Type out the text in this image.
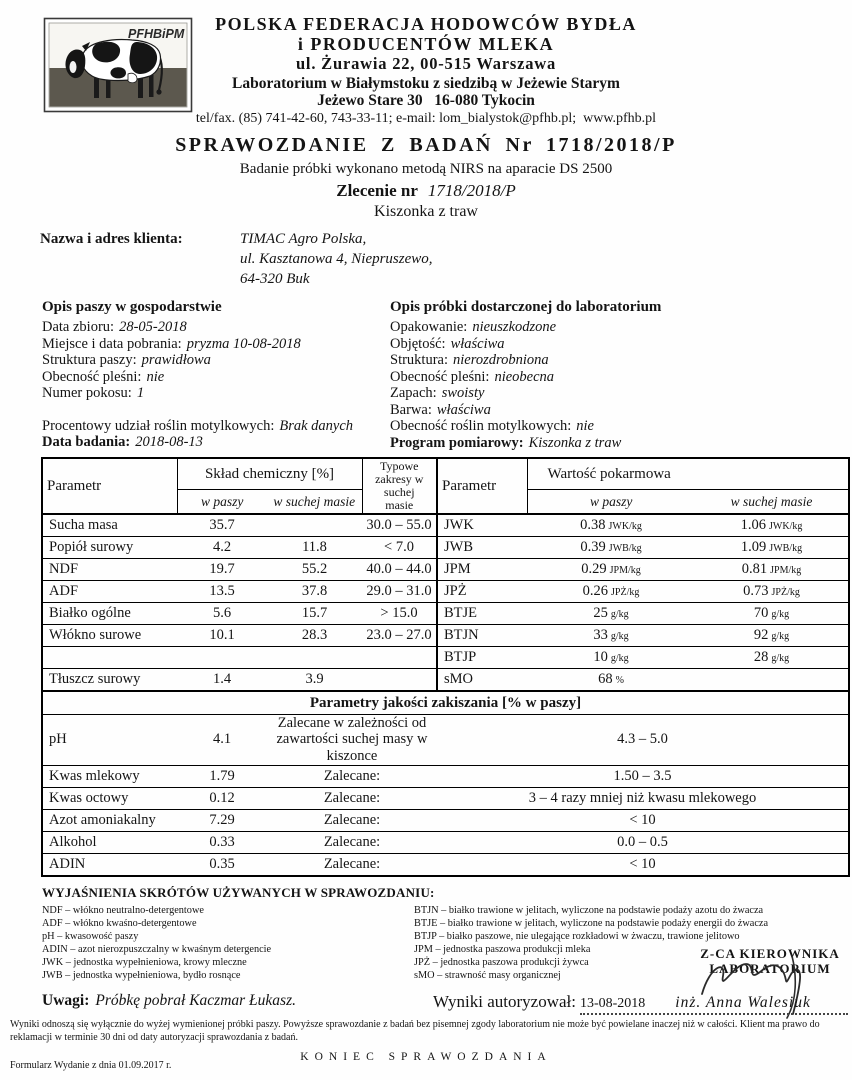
PFHBiPM	POLSKA FEDERACJA HODOWCÓW BYDŁA
i PRODUCENTÓW MLEKA
ul. Żurawia 22, 00-515 Warszawa
Laboratorium w Białymstoku z siedzibą w Jeżewie Starym
Jeżewo Stare 30   16-080 Tykocin
tel/fax. (85) 741-42-60, 743-33-11; e-mail: lom_bialystok@pfhb.pl;  www.pfhb.pl
SPRAWOZDANIE Z BADAŃ Nr 1718/2018/P
Badanie próbki wykonano metodą NIRS na aparacie DS 2500
Zlecenie nr 1718/2018/P
Kiszonka z traw
Nazwa i adres klienta:	TIMAC Agro Polska,
ul. Kasztanowa 4, Niepruszewo,
64-320 Buk
Opis paszy w gospodarstwie
Data zbioru: 28-05-2018
Miejsce i data pobrania: pryzma 10-08-2018
Struktura paszy: prawidłowa
Obecność pleśni: nie
Numer pokosu: 1
Procentowy udział roślin motylkowych: Brak danych
Data badania: 2018-08-13
Opis próbki dostarczonej do laboratorium
Opakowanie: nieuszkodzone
Objętość: właściwa
Struktura: nierozdrobniona
Obecność pleśni: nieobecna
Zapach: swoisty
Barwa: właściwa
Obecność roślin motylkowych: nie
Program pomiarowy: Kiszonka z traw
Parametr	Skład chemiczny [%]		Typowe zakresy w suchej masie	Parametr	Wartość pokarmowa	
	w paszy	w suchej masie			w paszy	w suchej masie
Sucha masa	35.7		30.0 – 55.0	JWK	0.38 JWK/kg	1.06 JWK/kg
Popiół surowy	4.2	11.8	< 7.0	JWB	0.39 JWB/kg	1.09 JWB/kg
NDF	19.7	55.2	40.0 – 44.0	JPM	0.29 JPM/kg	0.81 JPM/kg
ADF	13.5	37.8	29.0 – 31.0	JPŻ	0.26 JPŻ/kg	0.73 JPŻ/kg
Białko ogólne	5.6	15.7	> 15.0	BTJE	25 g/kg	70 g/kg
Włókno surowe	10.1	28.3	23.0 – 27.0	BTJN	33 g/kg	92 g/kg
				BTJP	10 g/kg	28 g/kg
Tłuszcz surowy	1.4	3.9		sMO	68 %	
Parametry jakości zakiszania [% w paszy]						
pH	4.1	Zalecane w zależności od zawartości suchej masy w kiszonce		4.3 – 5.0		
Kwas mlekowy	1.79	Zalecane:		1.50 – 3.5		
Kwas octowy	0.12	Zalecane:		3 – 4 razy mniej niż kwasu mlekowego		
Azot amoniakalny	7.29	Zalecane:		< 10		
Alkohol	0.33	Zalecane:		0.0 – 0.5		
ADIN	0.35	Zalecane:		< 10		
WYJAŚNIENIA SKRÓTÓW UŻYWANYCH W SPRAWOZDANIU:
NDF – włókno neutralno-detergentowe
ADF – włókno kwaśno-detergentowe
pH – kwasowość paszy
ADIN – azot nierozpuszczalny w kwaśnym detergencie
JWK – jednostka wypełnieniowa, krowy mleczne
JWB – jednostka wypełnieniowa, bydło rosnące
BTJN – białko trawione w jelitach, wyliczone na podstawie podaży azotu do żwacza
BTJE – białko trawione w jelitach, wyliczone na podstawie podaży energii do żwacza
BTJP – białko paszowe, nie ulegające rozkładowi w żwaczu, trawione jelitowo
JPM – jednostka paszowa produkcji mleka
JPŻ – jednostka paszowa produkcji żywca
sMO – strawność masy organicznej
Uwagi: Próbkę pobrał Kaczmar Łukasz.
Z-CA KIEROWNIKA
LABORATORIUM
Wyniki autoryzował: 13-08-2018 inż. Anna Walesiuk
Wyniki odnoszą się wyłącznie do wyżej wymienionej próbki paszy. Powyższe sprawozdanie z badań bez pisemnej zgody laboratorium nie może być powielane inaczej niż w całości. Klient ma prawo do reklamacji w terminie 30 dni od daty autoryzacji sprawozdania z badań.
KONIEC SPRAWOZDANIA
Formularz Wydanie z dnia 01.09.2017 r.
